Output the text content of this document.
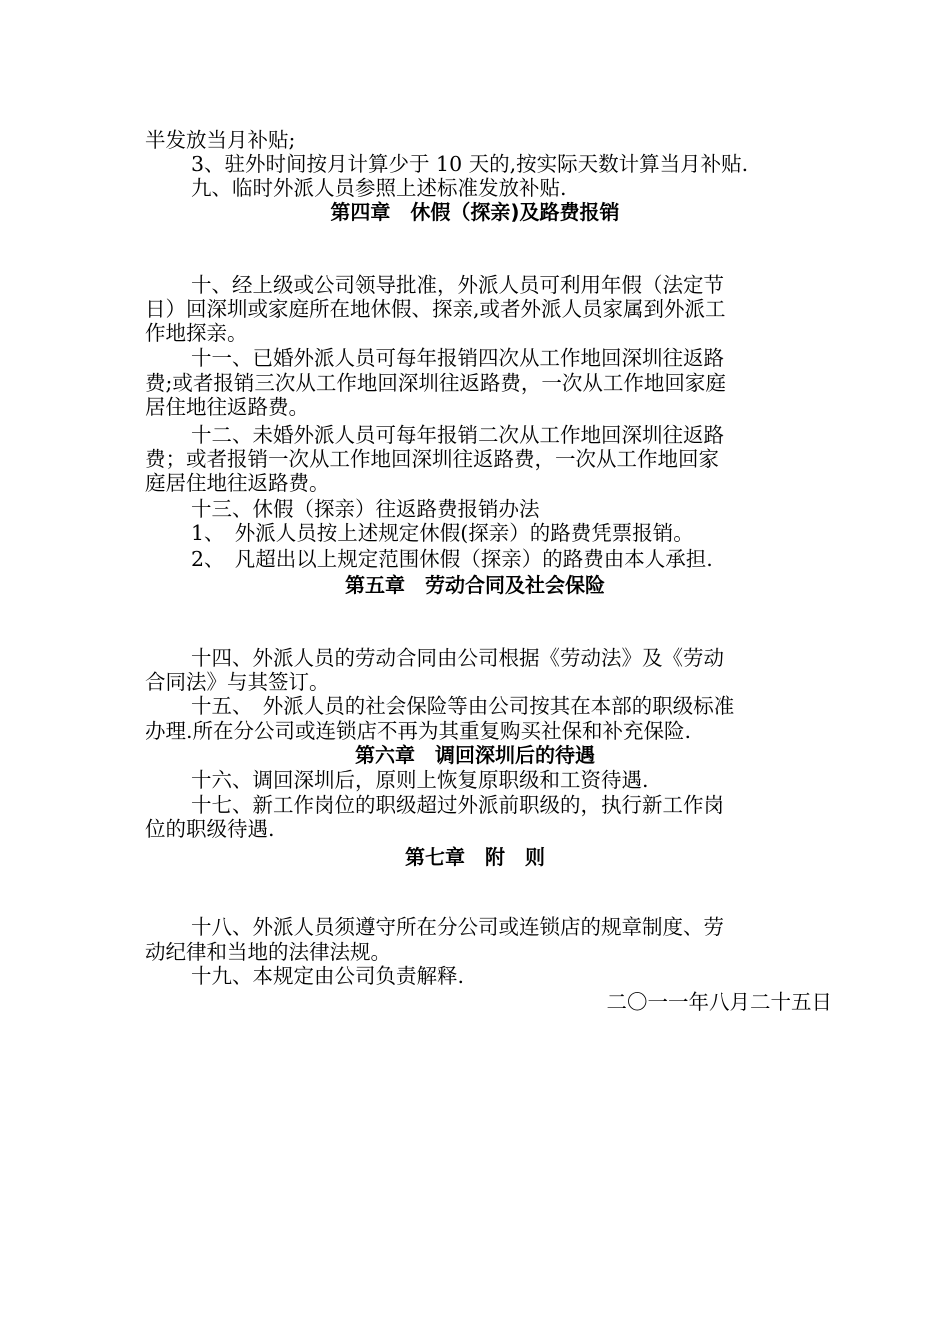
半发放当月补贴;
3、驻外时间按月计算少于 10 天的,按实际天数计算当月补贴.
九、临时外派人员参照上述标准发放补贴.
第四章　休假（探亲)及路费报销
十、经上级或公司领导批准，外派人员可利用年假（法定节
日）回深圳或家庭所在地休假、探亲,或者外派人员家属到外派工
作地探亲。
十一、已婚外派人员可每年报销四次从工作地回深圳往返路
费;或者报销三次从工作地回深圳往返路费，一次从工作地回家庭
居住地往返路费。
十二、未婚外派人员可每年报销二次从工作地回深圳往返路
费；或者报销一次从工作地回深圳往返路费，一次从工作地回家
庭居住地往返路费。
十三、休假（探亲）往返路费报销办法
1、　外派人员按上述规定休假(探亲）的路费凭票报销。
2、　凡超出以上规定范围休假（探亲）的路费由本人承担.
第五章　劳动合同及社会保险
十四、外派人员的劳动合同由公司根据《劳动法》及《劳动
合同法》与其签订。
十五、　外派人员的社会保险等由公司按其在本部的职级标准
办理.所在分公司或连锁店不再为其重复购买社保和补充保险.
第六章　调回深圳后的待遇
十六、调回深圳后，原则上恢复原职级和工资待遇.
十七、新工作岗位的职级超过外派前职级的，执行新工作岗
位的职级待遇.
第七章　附　则
十八、外派人员须遵守所在分公司或连锁店的规章制度、劳
动纪律和当地的法律法规。
十九、本规定由公司负责解释.
二〇一一年八月二十五日
